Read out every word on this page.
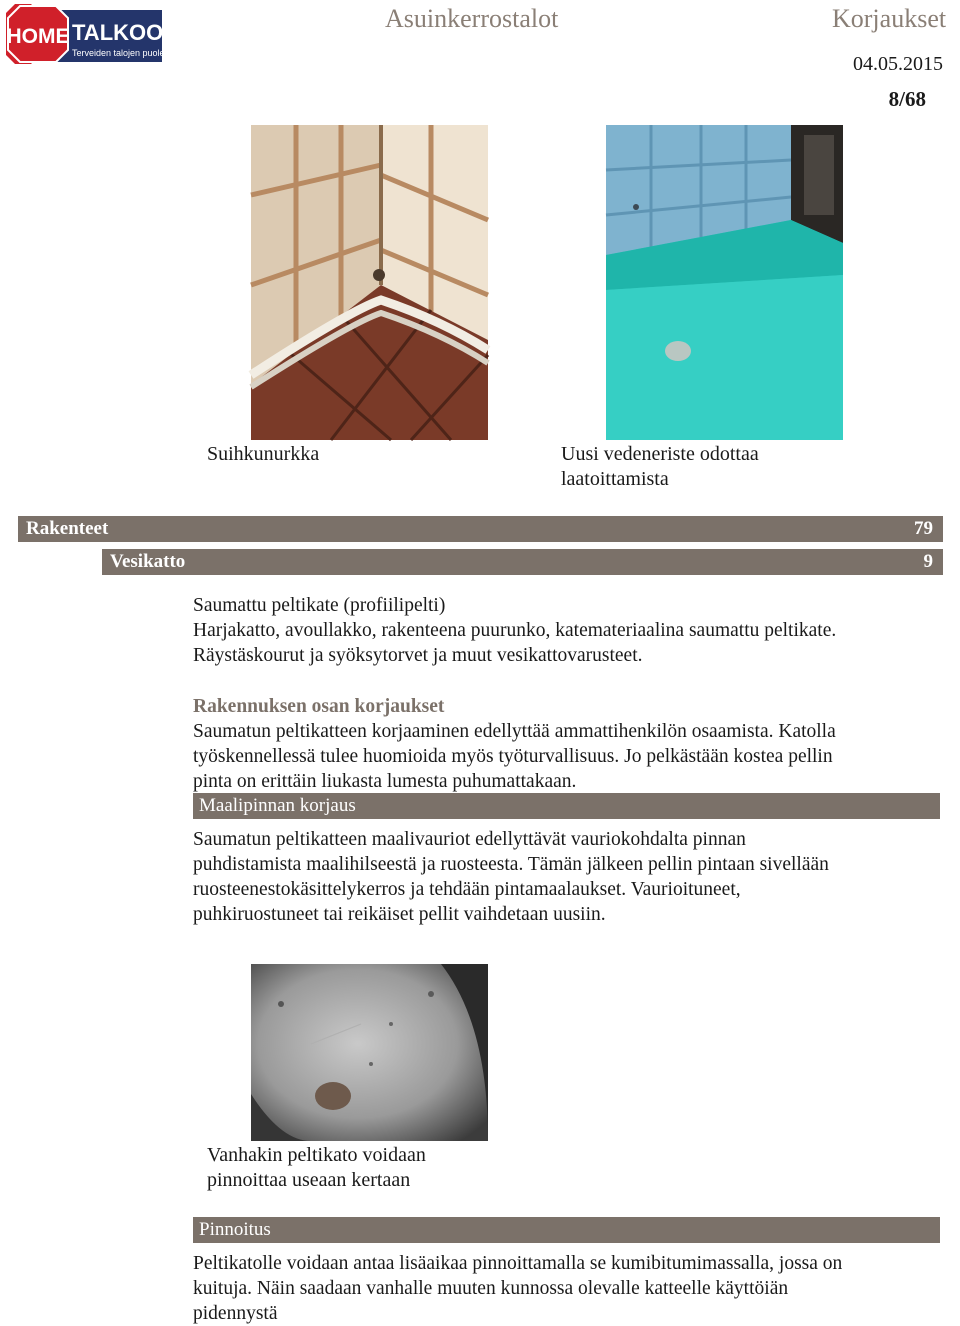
HOME TALKOOT.FI
Terveiden talojen puolesta
Asuinkerrostalot	Korjaukset
04.05.2015
8/68
Suihkunurkka	Uusi vedeneriste odottaa
laatoittamista
Rakenteet	79
Vesikatto	9
Saumattu peltikate (profiilipelti)
Harjakatto, avoullakko, rakenteena puurunko, katemateriaalina saumattu peltikate.
Räystäskourut ja syöksytorvet ja muut vesikattovarusteet.
Rakennuksen osan korjaukset
Saumatun peltikatteen korjaaminen edellyttää ammattihenkilön osaamista. Katolla
työskennellessä tulee huomioida myös työturvallisuus. Jo pelkästään kostea pellin
pinta on erittäin liukasta lumesta puhumattakaan.
Maalipinnan korjaus
Saumatun peltikatteen maalivauriot edellyttävät vauriokohdalta pinnan
puhdistamista maalihilseestä ja ruosteesta. Tämän jälkeen pellin pintaan sivellään
ruosteenestokäsittelykerros ja tehdään pintamaalaukset. Vaurioituneet,
puhkiruostuneet tai reikäiset pellit vaihdetaan uusiin.
Vanhakin peltikato voidaan
pinnoittaa useaan kertaan
Pinnoitus
Peltikatolle voidaan antaa lisäaikaa pinnoittamalla se kumibitumimassalla, jossa on
kuituja. Näin saadaan vanhalle muuten kunnossa olevalle katteelle käyttöiän
pidennystä
